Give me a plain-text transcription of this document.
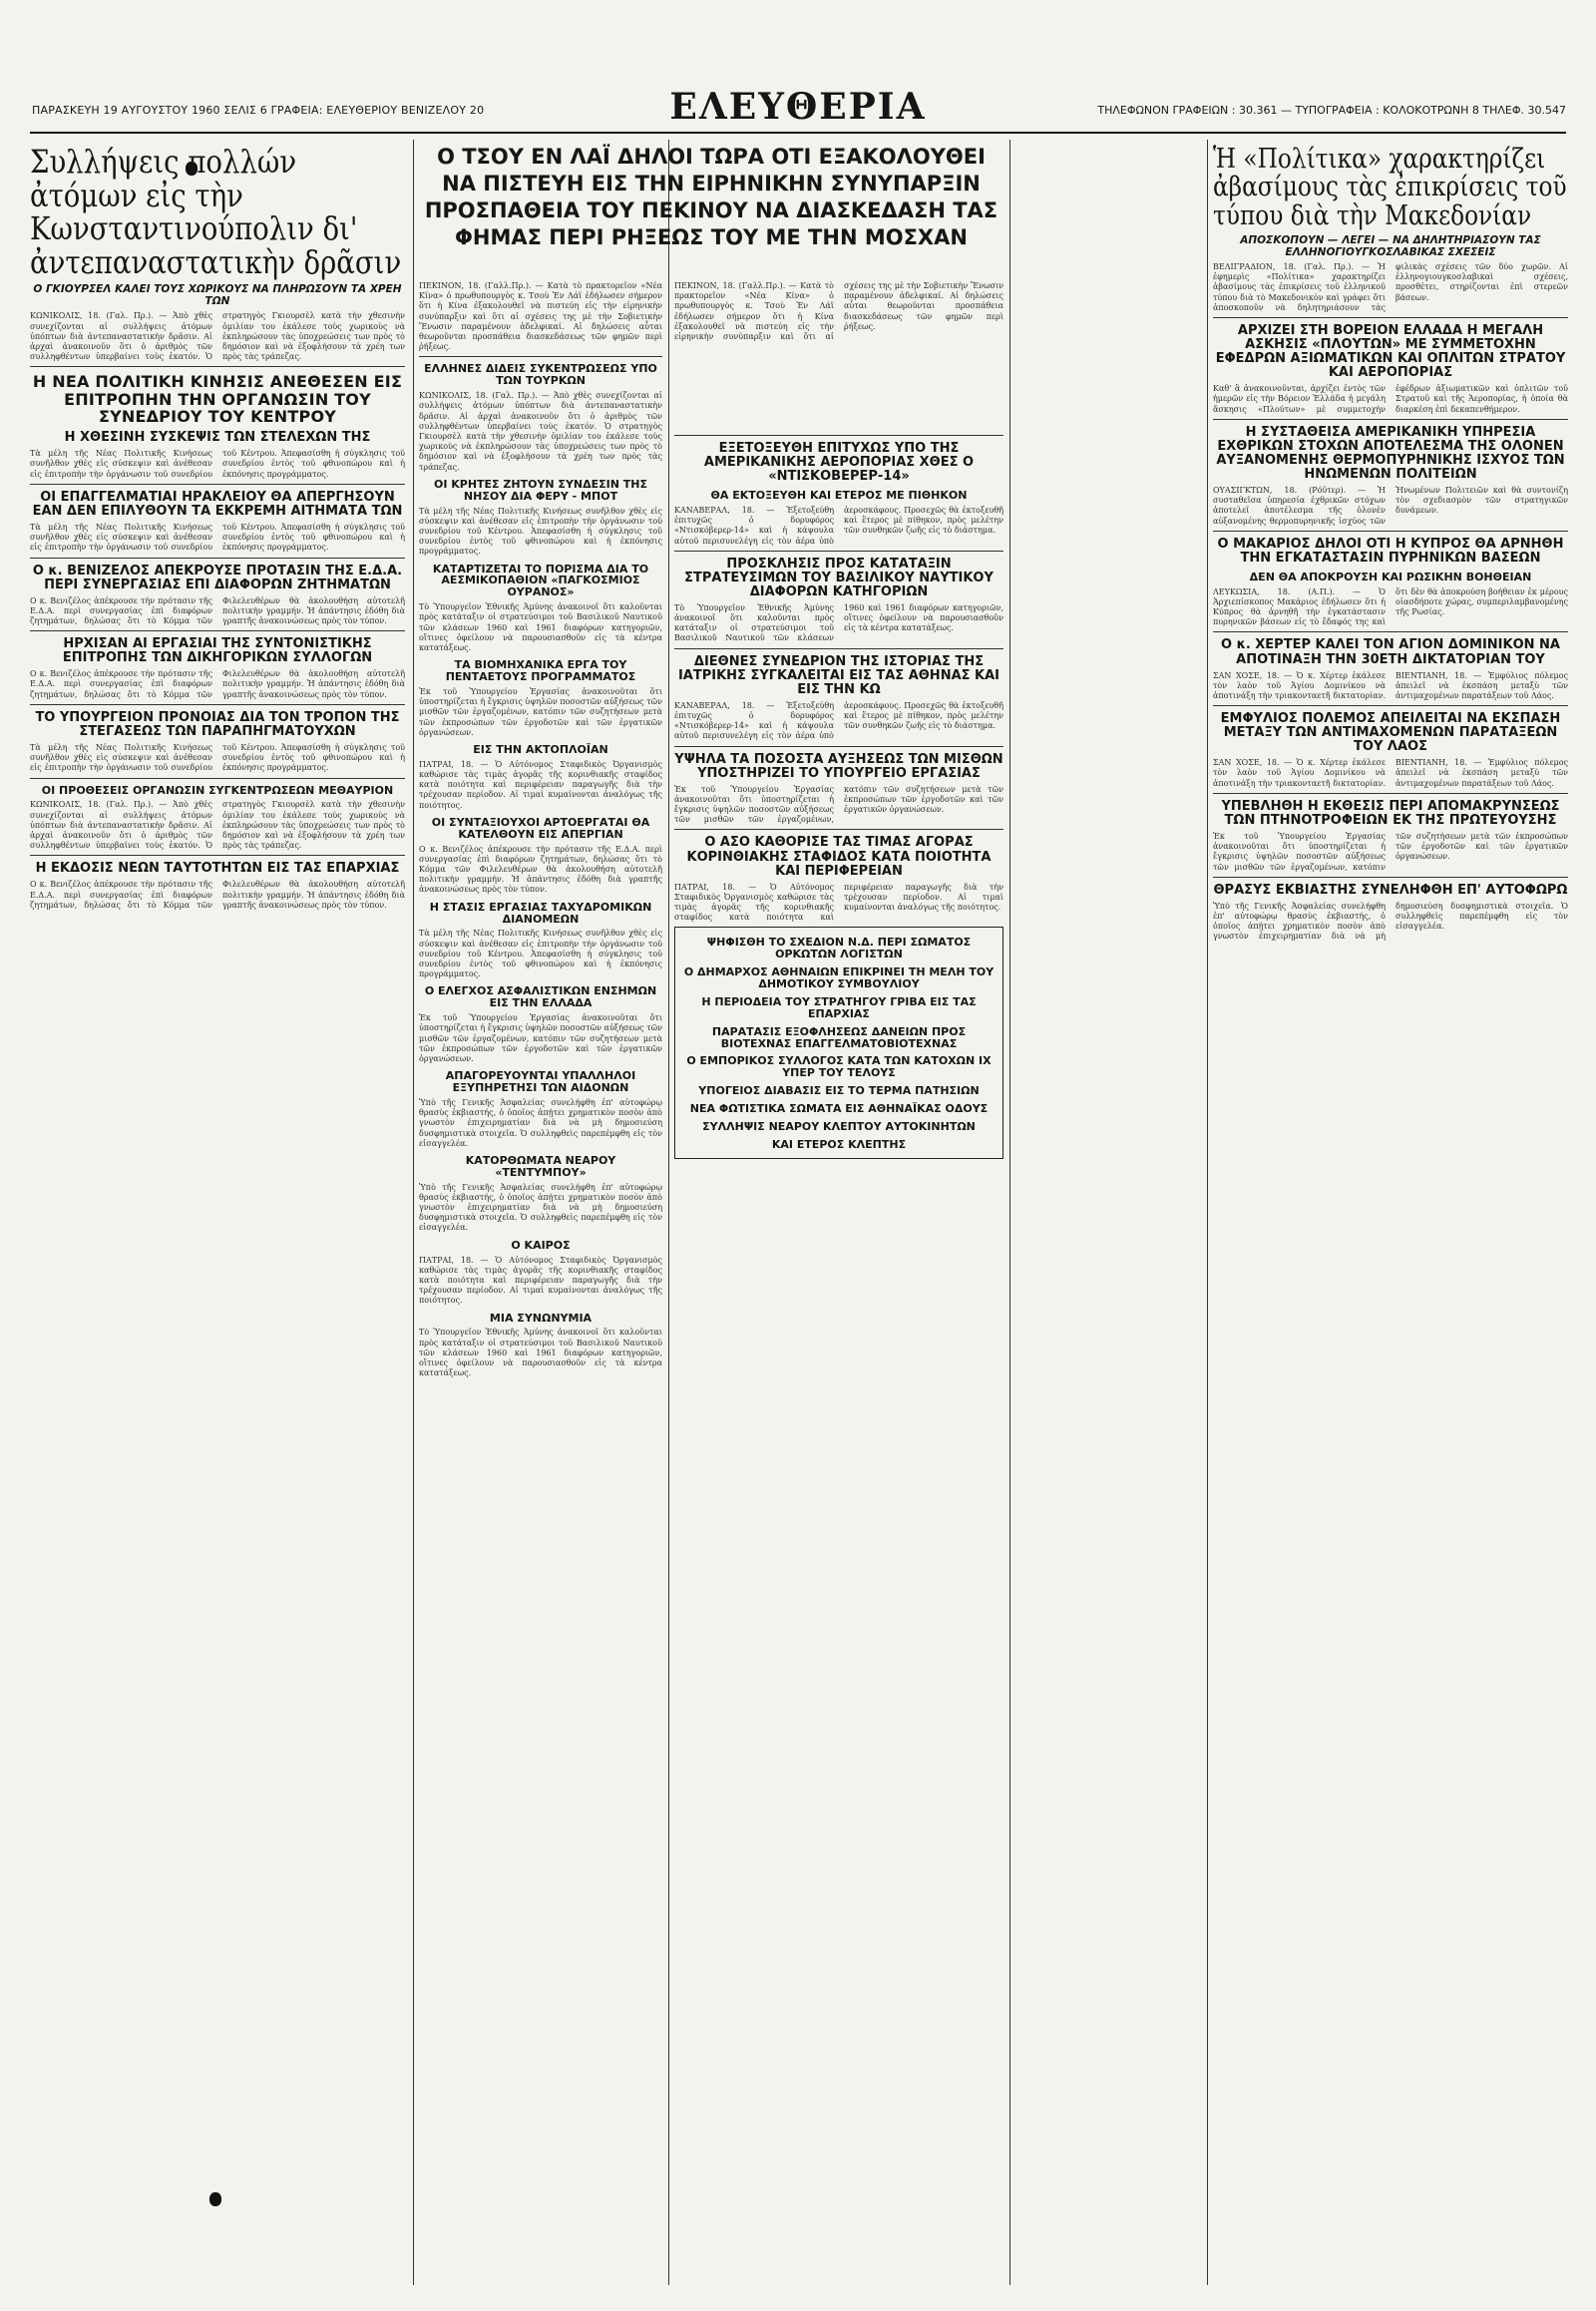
ΠΑΡΑΣΚΕΥΗ 19 ΑΥΓΟΥΣΤΟΥ 1960 ΣΕΛΙΣ 6 ΓΡΑΦΕΙΑ: ΕΛΕΥΘΕΡΙΟΥ ΒΕΝΙΖΕΛΟΥ 20	ΕΛΕΥΘΕΡΙΑ	ΤΗΛΕΦΩΝΟΝ ΓΡΑΦΕΙΩΝ : 30.361 — ΤΥΠΟΓΡΑΦΕΙΑ : ΚΟΛΟΚΟΤΡΩΝΗ 8 ΤΗΛΕΦ. 30.547
Συλλήψεις πολλών ἀτόμων εἰς τὴν Κωνσταντινούπολιν δι' ἀντεπαναστατικὴν δρᾶσιν
Ο ΓΚΙΟΥΡΣΕΛ ΚΑΛΕΙ ΤΟΥΣ ΧΩΡΙΚΟΥΣ ΝΑ ΠΛΗΡΩΣΟΥΝ ΤΑ ΧΡΕΗ ΤΩΝ
ΚΩΝΙΚΟΛΙΣ, 18. (Γαλ. Πρ.). — Ἀπὸ χθὲς συνεχίζονται αἱ συλλήψεις ἀτόμων ὑπόπτων διὰ ἀντεπαναστατικὴν δρᾶσιν. Αἱ ἀρχαὶ ἀνακοινοῦν ὅτι ὁ ἀριθμὸς τῶν συλληφθέντων ὑπερβαίνει τοὺς ἑκατόν. Ὁ στρατηγὸς Γκιουρσὲλ κατὰ τὴν χθεσινὴν ὁμιλίαν του ἐκάλεσε τοὺς χωρικοὺς νὰ ἐκπληρώσουν τὰς ὑποχρεώσεις των πρὸς τὸ δημόσιον καὶ νὰ ἐξοφλήσουν τὰ χρέη των πρὸς τὰς τράπεζας.
Η ΝΕΑ ΠΟΛΙΤΙΚΗ ΚΙΝΗΣΙΣ ΑΝΕΘΕΣΕΝ ΕΙΣ ΕΠΙΤΡΟΠΗΝ ΤΗΝ ΟΡΓΑΝΩΣΙΝ ΤΟΥ ΣΥΝΕΔΡΙΟΥ ΤΟΥ ΚΕΝΤΡΟΥ
Η ΧΘΕΣΙΝΗ ΣΥΣΚΕΨΙΣ ΤΩΝ ΣΤΕΛΕΧΩΝ ΤΗΣ
Τὰ μέλη τῆς Νέας Πολιτικῆς Κινήσεως συνῆλθον χθὲς εἰς σύσκεψιν καὶ ἀνέθεσαν εἰς ἐπιτροπὴν τὴν ὀργάνωσιν τοῦ συνεδρίου τοῦ Κέντρου. Ἀπεφασίσθη ἡ σύγκλησις τοῦ συνεδρίου ἐντὸς τοῦ φθινοπώρου καὶ ἡ ἐκπόνησις προγράμματος.
ΟΙ ΕΠΑΓΓΕΛΜΑΤΙΑΙ ΗΡΑΚΛΕΙΟΥ ΘΑ ΑΠΕΡΓΗΣΟΥΝ ΕΑΝ ΔΕΝ ΕΠΙΛΥΘΟΥΝ ΤΑ ΕΚΚΡΕΜΗ ΑΙΤΗΜΑΤΑ ΤΩΝ
Τὰ μέλη τῆς Νέας Πολιτικῆς Κινήσεως συνῆλθον χθὲς εἰς σύσκεψιν καὶ ἀνέθεσαν εἰς ἐπιτροπὴν τὴν ὀργάνωσιν τοῦ συνεδρίου τοῦ Κέντρου. Ἀπεφασίσθη ἡ σύγκλησις τοῦ συνεδρίου ἐντὸς τοῦ φθινοπώρου καὶ ἡ ἐκπόνησις προγράμματος.
Ο κ. ΒΕΝΙΖΕΛΟΣ ΑΠΕΚΡΟΥΣΕ ΠΡΟΤΑΣΙΝ ΤΗΣ Ε.Δ.Α. ΠΕΡΙ ΣΥΝΕΡΓΑΣΙΑΣ ΕΠΙ ΔΙΑΦΟΡΩΝ ΖΗΤΗΜΑΤΩΝ
Ο κ. Βενιζέλος ἀπέκρουσε τὴν πρότασιν τῆς Ε.Δ.Α. περὶ συνεργασίας ἐπὶ διαφόρων ζητημάτων, δηλώσας ὅτι τὸ Κόμμα τῶν Φιλελευθέρων θὰ ἀκολουθήση αὐτοτελῆ πολιτικὴν γραμμήν. Ἡ ἀπάντησις ἐδόθη διὰ γραπτῆς ἀνακοινώσεως πρὸς τὸν τύπον.
ΗΡΧΙΣΑΝ ΑΙ ΕΡΓΑΣΙΑΙ ΤΗΣ ΣΥΝΤΟΝΙΣΤΙΚΗΣ ΕΠΙΤΡΟΠΗΣ ΤΩΝ ΔΙΚΗΓΟΡΙΚΩΝ ΣΥΛΛΟΓΩΝ
Ο κ. Βενιζέλος ἀπέκρουσε τὴν πρότασιν τῆς Ε.Δ.Α. περὶ συνεργασίας ἐπὶ διαφόρων ζητημάτων, δηλώσας ὅτι τὸ Κόμμα τῶν Φιλελευθέρων θὰ ἀκολουθήση αὐτοτελῆ πολιτικὴν γραμμήν. Ἡ ἀπάντησις ἐδόθη διὰ γραπτῆς ἀνακοινώσεως πρὸς τὸν τύπον.
ΤΟ ΥΠΟΥΡΓΕΙΟΝ ΠΡΟΝΟΙΑΣ ΔΙΑ ΤΟΝ ΤΡΟΠΟΝ ΤΗΣ ΣΤΕΓΑΣΕΩΣ ΤΩΝ ΠΑΡΑΠΗΓΜΑΤΟΥΧΩΝ
Τὰ μέλη τῆς Νέας Πολιτικῆς Κινήσεως συνῆλθον χθὲς εἰς σύσκεψιν καὶ ἀνέθεσαν εἰς ἐπιτροπὴν τὴν ὀργάνωσιν τοῦ συνεδρίου τοῦ Κέντρου. Ἀπεφασίσθη ἡ σύγκλησις τοῦ συνεδρίου ἐντὸς τοῦ φθινοπώρου καὶ ἡ ἐκπόνησις προγράμματος.
ΟΙ ΠΡΟΘΕΣΕΙΣ ΟΡΓΑΝΩΣΙΝ ΣΥΓΚΕΝΤΡΩΣΕΩΝ ΜΕΘΑΥΡΙΟΝ
ΚΩΝΙΚΟΛΙΣ, 18. (Γαλ. Πρ.). — Ἀπὸ χθὲς συνεχίζονται αἱ συλλήψεις ἀτόμων ὑπόπτων διὰ ἀντεπαναστατικὴν δρᾶσιν. Αἱ ἀρχαὶ ἀνακοινοῦν ὅτι ὁ ἀριθμὸς τῶν συλληφθέντων ὑπερβαίνει τοὺς ἑκατόν. Ὁ στρατηγὸς Γκιουρσὲλ κατὰ τὴν χθεσινὴν ὁμιλίαν του ἐκάλεσε τοὺς χωρικοὺς νὰ ἐκπληρώσουν τὰς ὑποχρεώσεις των πρὸς τὸ δημόσιον καὶ νὰ ἐξοφλήσουν τὰ χρέη των πρὸς τὰς τράπεζας.
Η ΕΚΔΟΣΙΣ ΝΕΩΝ ΤΑΥΤΟΤΗΤΩΝ ΕΙΣ ΤΑΣ ΕΠΑΡΧΙΑΣ
Ο κ. Βενιζέλος ἀπέκρουσε τὴν πρότασιν τῆς Ε.Δ.Α. περὶ συνεργασίας ἐπὶ διαφόρων ζητημάτων, δηλώσας ὅτι τὸ Κόμμα τῶν Φιλελευθέρων θὰ ἀκολουθήση αὐτοτελῆ πολιτικὴν γραμμήν. Ἡ ἀπάντησις ἐδόθη διὰ γραπτῆς ἀνακοινώσεως πρὸς τὸν τύπον.
Ο ΤΣΟΥ ΕΝ ΛΑΪ ΔΗΛΟΙ ΤΩΡΑ ΟΤΙ ΕΞΑΚΟΛΟΥΘΕΙ ΝΑ ΠΙΣΤΕΥΗ ΕΙΣ ΤΗΝ ΕΙΡΗΝΙΚΗΝ ΣΥΝΥΠΑΡΞΙΝ ΠΡΟΣΠΑΘΕΙΑ ΤΟΥ ΠΕΚΙΝΟΥ ΝΑ ΔΙΑΣΚΕΔΑΣΗ ΤΑΣ ΦΗΜΑΣ ΠΕΡΙ ΡΗΞΕΩΣ ΤΟΥ ΜΕ ΤΗΝ ΜΟΣΧΑΝ
ΠΕΚΙΝΟΝ, 18. (Γαλλ.Πρ.). — Κατὰ τὸ πρακτορεῖον «Νέα Κίνα» ὁ πρωθυπουργὸς κ. Τσοὺ Ἐν Λάϊ ἐδήλωσεν σήμερον ὅτι ἡ Κίνα ἐξακολουθεῖ νὰ πιστεύη εἰς τὴν εἰρηνικὴν συνύπαρξιν καὶ ὅτι αἱ σχέσεις της μὲ τὴν Σοβιετικὴν Ἕνωσιν παραμένουν ἀδελφικαί. Αἱ δηλώσεις αὗται θεωροῦνται προσπάθεια διασκεδάσεως τῶν φημῶν περὶ ῥήξεως.
ΕΛΛΗΝΕΣ ΔΙΔΕΙΣ ΣΥΚΕΝΤΡΩΣΕΩΣ ΥΠΟ ΤΩΝ ΤΟΥΡΚΩΝ
ΚΩΝΙΚΟΛΙΣ, 18. (Γαλ. Πρ.). — Ἀπὸ χθὲς συνεχίζονται αἱ συλλήψεις ἀτόμων ὑπόπτων διὰ ἀντεπαναστατικὴν δρᾶσιν. Αἱ ἀρχαὶ ἀνακοινοῦν ὅτι ὁ ἀριθμὸς τῶν συλληφθέντων ὑπερβαίνει τοὺς ἑκατόν. Ὁ στρατηγὸς Γκιουρσὲλ κατὰ τὴν χθεσινὴν ὁμιλίαν του ἐκάλεσε τοὺς χωρικοὺς νὰ ἐκπληρώσουν τὰς ὑποχρεώσεις των πρὸς τὸ δημόσιον καὶ νὰ ἐξοφλήσουν τὰ χρέη των πρὸς τὰς τράπεζας.
ΟΙ ΚΡΗΤΕΣ ΖΗΤΟΥΝ ΣΥΝΔΕΣΙΝ ΤΗΣ ΝΗΣΟΥ ΔΙΑ ΦΕΡΥ - ΜΠΟΤ
Τὰ μέλη τῆς Νέας Πολιτικῆς Κινήσεως συνῆλθον χθὲς εἰς σύσκεψιν καὶ ἀνέθεσαν εἰς ἐπιτροπὴν τὴν ὀργάνωσιν τοῦ συνεδρίου τοῦ Κέντρου. Ἀπεφασίσθη ἡ σύγκλησις τοῦ συνεδρίου ἐντὸς τοῦ φθινοπώρου καὶ ἡ ἐκπόνησις προγράμματος.
ΚΑΤΑΡΤΙΖΕΤΑΙ ΤΟ ΠΟΡΙΣΜΑ ΔΙΑ ΤΟ ΑΕΣΜΙΚΟΠΑΘΙΟΝ «ΠΑΓΚΟΣΜΙΟΣ ΟΥΡΑΝΟΣ»
Τὸ Ὑπουργεῖον Ἐθνικῆς Ἀμύνης ἀνακοινοῖ ὅτι καλοῦνται πρὸς κατάταξιν οἱ στρατεύσιμοι τοῦ Βασιλικοῦ Ναυτικοῦ τῶν κλάσεων 1960 καὶ 1961 διαφόρων κατηγοριῶν, οἵτινες ὀφείλουν νὰ παρουσιασθοῦν εἰς τὰ κέντρα κατατάξεως.
ΤΑ ΒΙΟΜΗΧΑΝΙΚΑ ΕΡΓΑ ΤΟΥ ΠΕΝΤΑΕΤΟΥΣ ΠΡΟΓΡΑΜΜΑΤΟΣ
Ἐκ τοῦ Ὑπουργείου Ἐργασίας ἀνακοινοῦται ὅτι ὑποστηρίζεται ἡ ἔγκρισις ὑψηλῶν ποσοστῶν αὐξήσεως τῶν μισθῶν τῶν ἐργαζομένων, κατόπιν τῶν συζητήσεων μετὰ τῶν ἐκπροσώπων τῶν ἐργοδοτῶν καὶ τῶν ἐργατικῶν ὀργανώσεων.
ΕΙΣ ΤΗΝ ΑΚΤΟΠΛΟΪΑΝ
ΠΑΤΡΑΙ, 18. — Ὁ Αὐτόνομος Σταφιδικὸς Ὀργανισμὸς καθώρισε τὰς τιμὰς ἀγορᾶς τῆς κορινθιακῆς σταφίδος κατὰ ποιότητα καὶ περιφέρειαν παραγωγῆς διὰ τὴν τρέχουσαν περίοδον. Αἱ τιμαὶ κυμαίνονται ἀναλόγως τῆς ποιότητος.
ΟΙ ΣΥΝΤΑΞΙΟΥΧΟΙ ΑΡΤΟΕΡΓΑΤΑΙ ΘΑ ΚΑΤΕΛΘΟΥΝ ΕΙΣ ΑΠΕΡΓΙΑΝ
Ο κ. Βενιζέλος ἀπέκρουσε τὴν πρότασιν τῆς Ε.Δ.Α. περὶ συνεργασίας ἐπὶ διαφόρων ζητημάτων, δηλώσας ὅτι τὸ Κόμμα τῶν Φιλελευθέρων θὰ ἀκολουθήση αὐτοτελῆ πολιτικὴν γραμμήν. Ἡ ἀπάντησις ἐδόθη διὰ γραπτῆς ἀνακοινώσεως πρὸς τὸν τύπον.
Η ΣΤΑΣΙΣ ΕΡΓΑΣΙΑΣ ΤΑΧΥΔΡΟΜΙΚΩΝ ΔΙΑΝΟΜΕΩΝ
Τὰ μέλη τῆς Νέας Πολιτικῆς Κινήσεως συνῆλθον χθὲς εἰς σύσκεψιν καὶ ἀνέθεσαν εἰς ἐπιτροπὴν τὴν ὀργάνωσιν τοῦ συνεδρίου τοῦ Κέντρου. Ἀπεφασίσθη ἡ σύγκλησις τοῦ συνεδρίου ἐντὸς τοῦ φθινοπώρου καὶ ἡ ἐκπόνησις προγράμματος.
Ο ΕΛΕΓΧΟΣ ΑΣΦΑΛΙΣΤΙΚΩΝ ΕΝΣΗΜΩΝ ΕΙΣ ΤΗΝ ΕΛΛΑΔΑ
Ἐκ τοῦ Ὑπουργείου Ἐργασίας ἀνακοινοῦται ὅτι ὑποστηρίζεται ἡ ἔγκρισις ὑψηλῶν ποσοστῶν αὐξήσεως τῶν μισθῶν τῶν ἐργαζομένων, κατόπιν τῶν συζητήσεων μετὰ τῶν ἐκπροσώπων τῶν ἐργοδοτῶν καὶ τῶν ἐργατικῶν ὀργανώσεων.
ΑΠΑΓΟΡΕΥΟΥΝΤΑΙ ΥΠΑΛΛΗΛΟΙ ΕΞΥΠΗΡΕΤΗΣΙ ΤΩΝ ΑΙΔΟΝΩΝ
Ὑπὸ τῆς Γενικῆς Ἀσφαλείας συνελήφθη ἐπ' αὐτοφώρῳ θρασὺς ἐκβιαστής, ὁ ὁποῖος ἀπῄτει χρηματικὸν ποσὸν ἀπὸ γνωστὸν ἐπιχειρηματίαν διὰ νὰ μὴ δημοσιεύση δυσφημιστικὰ στοιχεῖα. Ὁ συλληφθεὶς παρεπέμφθη εἰς τὸν εἰσαγγελέα.
ΚΑΤΟΡΘΩΜΑΤΑ ΝΕΑΡΟΥ «ΤΕΝΤΥΜΠΟΥ»
Ὑπὸ τῆς Γενικῆς Ἀσφαλείας συνελήφθη ἐπ' αὐτοφώρῳ θρασὺς ἐκβιαστής, ὁ ὁποῖος ἀπῄτει χρηματικὸν ποσὸν ἀπὸ γνωστὸν ἐπιχειρηματίαν διὰ νὰ μὴ δημοσιεύση δυσφημιστικὰ στοιχεῖα. Ὁ συλληφθεὶς παρεπέμφθη εἰς τὸν εἰσαγγελέα.
Ο ΚΑΙΡΟΣ
ΠΑΤΡΑΙ, 18. — Ὁ Αὐτόνομος Σταφιδικὸς Ὀργανισμὸς καθώρισε τὰς τιμὰς ἀγορᾶς τῆς κορινθιακῆς σταφίδος κατὰ ποιότητα καὶ περιφέρειαν παραγωγῆς διὰ τὴν τρέχουσαν περίοδον. Αἱ τιμαὶ κυμαίνονται ἀναλόγως τῆς ποιότητος.
ΜΙΑ ΣΥΝΩΝΥΜΙΑ
Τὸ Ὑπουργεῖον Ἐθνικῆς Ἀμύνης ἀνακοινοῖ ὅτι καλοῦνται πρὸς κατάταξιν οἱ στρατεύσιμοι τοῦ Βασιλικοῦ Ναυτικοῦ τῶν κλάσεων 1960 καὶ 1961 διαφόρων κατηγοριῶν, οἵτινες ὀφείλουν νὰ παρουσιασθοῦν εἰς τὰ κέντρα κατατάξεως.
ΠΕΚΙΝΟΝ, 18. (Γαλλ.Πρ.). — Κατὰ τὸ πρακτορεῖον «Νέα Κίνα» ὁ πρωθυπουργὸς κ. Τσοὺ Ἐν Λάϊ ἐδήλωσεν σήμερον ὅτι ἡ Κίνα ἐξακολουθεῖ νὰ πιστεύη εἰς τὴν εἰρηνικὴν συνύπαρξιν καὶ ὅτι αἱ σχέσεις της μὲ τὴν Σοβιετικὴν Ἕνωσιν παραμένουν ἀδελφικαί. Αἱ δηλώσεις αὗται θεωροῦνται προσπάθεια διασκεδάσεως τῶν φημῶν περὶ ῥήξεως.
ΕΞΕΤΟΞΕΥΘΗ ΕΠΙΤΥΧΩΣ ΥΠΟ ΤΗΣ ΑΜΕΡΙΚΑΝΙΚΗΣ ΑΕΡΟΠΟΡΙΑΣ ΧΘΕΣ Ο «ΝΤΙΣΚΟΒΕΡΕΡ-14»
ΘΑ ΕΚΤΟΞΕΥΘΗ ΚΑΙ ΕΤΕΡΟΣ ΜΕ ΠΙΘΗΚΟΝ
ΚΑΝΑΒΕΡΑΛ, 18. — Ἐξετοξεύθη ἐπιτυχῶς ὁ δορυφόρος «Ντισκόβερερ-14» καὶ ἡ κάψουλα αὐτοῦ περισυνελέγη εἰς τὸν ἀέρα ὑπὸ ἀεροσκάφους. Προσεχῶς θὰ ἐκτοξευθῆ καὶ ἕτερος μὲ πίθηκον, πρὸς μελέτην τῶν συνθηκῶν ζωῆς εἰς τὸ διάστημα.
ΠΡΟΣΚΛΗΣΙΣ ΠΡΟΣ ΚΑΤΑΤΑΞΙΝ ΣΤΡΑΤΕΥΣΙΜΩΝ ΤΟΥ ΒΑΣΙΛΙΚΟΥ ΝΑΥΤΙΚΟΥ ΔΙΑΦΟΡΩΝ ΚΑΤΗΓΟΡΙΩΝ
Τὸ Ὑπουργεῖον Ἐθνικῆς Ἀμύνης ἀνακοινοῖ ὅτι καλοῦνται πρὸς κατάταξιν οἱ στρατεύσιμοι τοῦ Βασιλικοῦ Ναυτικοῦ τῶν κλάσεων 1960 καὶ 1961 διαφόρων κατηγοριῶν, οἵτινες ὀφείλουν νὰ παρουσιασθοῦν εἰς τὰ κέντρα κατατάξεως.
ΔΙΕΘΝΕΣ ΣΥΝΕΔΡΙΟΝ ΤΗΣ ΙΣΤΟΡΙΑΣ ΤΗΣ ΙΑΤΡΙΚΗΣ ΣΥΓΚΑΛΕΙΤΑΙ ΕΙΣ ΤΑΣ ΑΘΗΝΑΣ ΚΑΙ ΕΙΣ ΤΗΝ ΚΩ
ΚΑΝΑΒΕΡΑΛ, 18. — Ἐξετοξεύθη ἐπιτυχῶς ὁ δορυφόρος «Ντισκόβερερ-14» καὶ ἡ κάψουλα αὐτοῦ περισυνελέγη εἰς τὸν ἀέρα ὑπὸ ἀεροσκάφους. Προσεχῶς θὰ ἐκτοξευθῆ καὶ ἕτερος μὲ πίθηκον, πρὸς μελέτην τῶν συνθηκῶν ζωῆς εἰς τὸ διάστημα.
ΥΨΗΛΑ ΤΑ ΠΟΣΟΣΤΑ ΑΥΞΗΣΕΩΣ ΤΩΝ ΜΙΣΘΩΝ ΥΠΟΣΤΗΡΙΖΕΙ ΤΟ ΥΠΟΥΡΓΕΙΟ ΕΡΓΑΣΙΑΣ
Ἐκ τοῦ Ὑπουργείου Ἐργασίας ἀνακοινοῦται ὅτι ὑποστηρίζεται ἡ ἔγκρισις ὑψηλῶν ποσοστῶν αὐξήσεως τῶν μισθῶν τῶν ἐργαζομένων, κατόπιν τῶν συζητήσεων μετὰ τῶν ἐκπροσώπων τῶν ἐργοδοτῶν καὶ τῶν ἐργατικῶν ὀργανώσεων.
Ο ΑΣΟ ΚΑΘΟΡΙΣΕ ΤΑΣ ΤΙΜΑΣ ΑΓΟΡΑΣ ΚΟΡΙΝΘΙΑΚΗΣ ΣΤΑΦΙΔΟΣ ΚΑΤΑ ΠΟΙΟΤΗΤΑ ΚΑΙ ΠΕΡΙΦΕΡΕΙΑΝ
ΠΑΤΡΑΙ, 18. — Ὁ Αὐτόνομος Σταφιδικὸς Ὀργανισμὸς καθώρισε τὰς τιμὰς ἀγορᾶς τῆς κορινθιακῆς σταφίδος κατὰ ποιότητα καὶ περιφέρειαν παραγωγῆς διὰ τὴν τρέχουσαν περίοδον. Αἱ τιμαὶ κυμαίνονται ἀναλόγως τῆς ποιότητος.
ΨΗΦΙΣΘΗ ΤΟ ΣΧΕΔΙΟΝ Ν.Δ. ΠΕΡΙ ΣΩΜΑΤΟΣ ΟΡΚΩΤΩΝ ΛΟΓΙΣΤΩΝ
Ο ΔΗΜΑΡΧΟΣ ΑΘΗΝΑΙΩΝ ΕΠΙΚΡΙΝΕΙ ΤΗ ΜΕΛΗ ΤΟΥ ΔΗΜΟΤΙΚΟΥ ΣΥΜΒΟΥΛΙΟΥ
Η ΠΕΡΙΟΔΕΙΑ ΤΟΥ ΣΤΡΑΤΗΓΟΥ ΓΡΙΒΑ ΕΙΣ ΤΑΣ ΕΠΑΡΧΙΑΣ
ΠΑΡΑΤΑΣΙΣ ΕΞΟΦΛΗΣΕΩΣ ΔΑΝΕΙΩΝ ΠΡΟΣ ΒΙΟΤΕΧΝΑΣ ΕΠΑΓΓΕΛΜΑΤΟΒΙΟΤΕΧΝΑΣ
Ο ΕΜΠΟΡΙΚΟΣ ΣΥΛΛΟΓΟΣ ΚΑΤΑ ΤΩΝ ΚΑΤΟΧΩΝ ΙΧ ΥΠΕΡ ΤΟΥ ΤΕΛΟΥΣ
ΥΠΟΓΕΙΟΣ ΔΙΑΒΑΣΙΣ ΕΙΣ ΤΟ ΤΕΡΜΑ ΠΑΤΗΣΙΩΝ
ΝΕΑ ΦΩΤΙΣΤΙΚΑ ΣΩΜΑΤΑ ΕΙΣ ΑΘΗΝΑΪΚΑΣ ΟΔΟΥΣ
ΣΥΛΛΗΨΙΣ ΝΕΑΡΟΥ ΚΛΕΠΤΟΥ ΑΥΤΟΚΙΝΗΤΩΝ
ΚΑΙ ΕΤΕΡΟΣ ΚΛΕΠΤΗΣ
Ἡ «Πολίτικα» χαρακτηρίζει ἀβασίμους τὰς ἐπικρίσεις τοῦ τύπου διὰ τὴν Μακεδονίαν
ΑΠΟΣΚΟΠΟΥΝ — ΛΕΓΕΙ — ΝΑ ΔΗΛΗΤΗΡΙΑΣΟΥΝ ΤΑΣ ΕΛΛΗΝΟΓΙΟΥΓΚΟΣΛΑΒΙΚΑΣ ΣΧΕΣΕΙΣ
ΒΕΛΙΓΡΑΔΙΟΝ, 18. (Γαλ. Πρ.). — Ἡ ἐφημερὶς «Πολίτικα» χαρακτηρίζει ἀβασίμους τὰς ἐπικρίσεις τοῦ ἑλληνικοῦ τύπου διὰ τὸ Μακεδονικὸν καὶ γράφει ὅτι ἀποσκοποῦν νὰ δηλητηριάσουν τὰς φιλικὰς σχέσεις τῶν δύο χωρῶν. Αἱ ἑλληνογιουγκοσλαβικαὶ σχέσεις, προσθέτει, στηρίζονται ἐπὶ στερεῶν βάσεων.
ΑΡΧΙΖΕΙ ΣΤΗ ΒΟΡΕΙΟΝ ΕΛΛΑΔΑ Η ΜΕΓΑΛΗ ΑΣΚΗΣΙΣ «ΠΛΟΥΤΩΝ» ΜΕ ΣΥΜΜΕΤΟΧΗΝ ΕΦΕΔΡΩΝ ΑΞΙΩΜΑΤΙΚΩΝ ΚΑΙ ΟΠΛΙΤΩΝ ΣΤΡΑΤΟΥ ΚΑΙ ΑΕΡΟΠΟΡΙΑΣ
Καθ' ἃ ἀνακοινοῦνται, ἀρχίζει ἐντὸς τῶν ἡμερῶν εἰς τὴν Βόρειον Ἑλλάδα ἡ μεγάλη ἄσκησις «Πλούτων» μὲ συμμετοχὴν ἐφέδρων ἀξιωματικῶν καὶ ὁπλιτῶν τοῦ Στρατοῦ καὶ τῆς Ἀεροπορίας, ἡ ὁποία θὰ διαρκέση ἐπὶ δεκαπενθήμερον.
Η ΣΥΣΤΑΘΕΙΣΑ ΑΜΕΡΙΚΑΝΙΚΗ ΥΠΗΡΕΣΙΑ ΕΧΘΡΙΚΩΝ ΣΤΟΧΩΝ ΑΠΟΤΕΛΕΣΜΑ ΤΗΣ ΟΛΟΝΕΝ ΑΥΞΑΝΟΜΕΝΗΣ ΘΕΡΜΟΠΥΡΗΝΙΚΗΣ ΙΣΧΥΟΣ ΤΩΝ ΗΝΩΜΕΝΩΝ ΠΟΛΙΤΕΙΩΝ
ΟΥΑΣΙΓΚΤΩΝ, 18. (Ρόϋτερ). — Ἡ συσταθεῖσα ὑπηρεσία ἐχθρικῶν στόχων ἀποτελεῖ ἀποτέλεσμα τῆς ὁλονὲν αὐξανομένης θερμοπυρηνικῆς ἰσχύος τῶν Ἡνωμένων Πολιτειῶν καὶ θὰ συντονίζη τὸν σχεδιασμὸν τῶν στρατηγικῶν δυνάμεων.
Ο ΜΑΚΑΡΙΟΣ ΔΗΛΟΙ ΟΤΙ Η ΚΥΠΡΟΣ ΘΑ ΑΡΝΗΘΗ ΤΗΝ ΕΓΚΑΤΑΣΤΑΣΙΝ ΠΥΡΗΝΙΚΩΝ ΒΑΣΕΩΝ
ΔΕΝ ΘΑ ΑΠΟΚΡΟΥΣΗ ΚΑΙ ΡΩΣΙΚΗΝ ΒΟΗΘΕΙΑΝ
ΛΕΥΚΩΣΙΑ, 18. (Α.Π.). — Ὁ Ἀρχιεπίσκοπος Μακάριος ἐδήλωσεν ὅτι ἡ Κύπρος θὰ ἀρνηθῆ τὴν ἐγκατάστασιν πυρηνικῶν βάσεων εἰς τὸ ἔδαφός της καὶ ὅτι δὲν θὰ ἀποκρούση βοήθειαν ἐκ μέρους οἱασδήποτε χώρας, συμπεριλαμβανομένης τῆς Ρωσίας.
Ο κ. ΧΕΡΤΕΡ ΚΑΛΕΙ ΤΟΝ ΑΓΙΟΝ ΔΟΜΙΝΙΚΟΝ ΝΑ ΑΠΟΤΙΝΑΞΗ ΤΗΝ 30ΕΤΗ ΔΙΚΤΑΤΟΡΙΑΝ ΤΟΥ
ΣΑΝ ΧΟΣΕ, 18. — Ὁ κ. Χέρτερ ἐκάλεσε τὸν λαὸν τοῦ Ἁγίου Δομινίκου νὰ ἀποτινάξη τὴν τριακονταετῆ δικτατορίαν. ΒΙΕΝΤΙΑΝΗ, 18. — Ἐμφύλιος πόλεμος ἀπειλεῖ νὰ ἐκσπάση μεταξὺ τῶν ἀντιμαχομένων παρατάξεων τοῦ Λάος.
ΕΜΦΥΛΙΟΣ ΠΟΛΕΜΟΣ ΑΠΕΙΛΕΙΤΑΙ ΝΑ ΕΚΣΠΑΣΗ ΜΕΤΑΞΥ ΤΩΝ ΑΝΤΙΜΑΧΟΜΕΝΩΝ ΠΑΡΑΤΑΞΕΩΝ ΤΟΥ ΛΑΟΣ
ΣΑΝ ΧΟΣΕ, 18. — Ὁ κ. Χέρτερ ἐκάλεσε τὸν λαὸν τοῦ Ἁγίου Δομινίκου νὰ ἀποτινάξη τὴν τριακονταετῆ δικτατορίαν. ΒΙΕΝΤΙΑΝΗ, 18. — Ἐμφύλιος πόλεμος ἀπειλεῖ νὰ ἐκσπάση μεταξὺ τῶν ἀντιμαχομένων παρατάξεων τοῦ Λάος.
ΥΠΕΒΛΗΘΗ Η ΕΚΘΕΣΙΣ ΠΕΡΙ ΑΠΟΜΑΚΡΥΝΣΕΩΣ ΤΩΝ ΠΤΗΝΟΤΡΟΦΕΙΩΝ ΕΚ ΤΗΣ ΠΡΩΤΕΥΟΥΣΗΣ
Ἐκ τοῦ Ὑπουργείου Ἐργασίας ἀνακοινοῦται ὅτι ὑποστηρίζεται ἡ ἔγκρισις ὑψηλῶν ποσοστῶν αὐξήσεως τῶν μισθῶν τῶν ἐργαζομένων, κατόπιν τῶν συζητήσεων μετὰ τῶν ἐκπροσώπων τῶν ἐργοδοτῶν καὶ τῶν ἐργατικῶν ὀργανώσεων.
ΘΡΑΣΥΣ ΕΚΒΙΑΣΤΗΣ ΣΥΝΕΛΗΦΘΗ ΕΠ' ΑΥΤΟΦΩΡΩ
Ὑπὸ τῆς Γενικῆς Ἀσφαλείας συνελήφθη ἐπ' αὐτοφώρῳ θρασὺς ἐκβιαστής, ὁ ὁποῖος ἀπῄτει χρηματικὸν ποσὸν ἀπὸ γνωστὸν ἐπιχειρηματίαν διὰ νὰ μὴ δημοσιεύση δυσφημιστικὰ στοιχεῖα. Ὁ συλληφθεὶς παρεπέμφθη εἰς τὸν εἰσαγγελέα.
